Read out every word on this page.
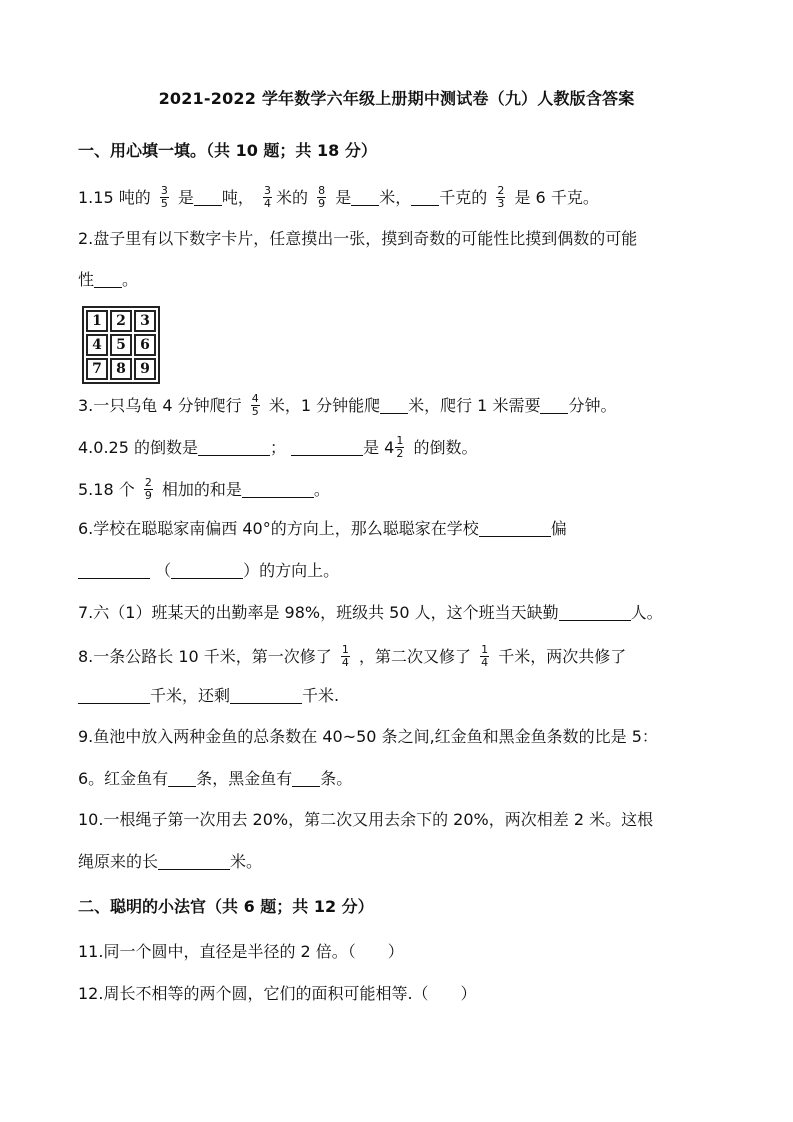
2021-2022 学年数学六年级上册期中测试卷（九）人教版含答案
一、用心填一填。（共 10 题；共 18 分）
1.15 吨的 $\frac{3}{5}$ 是 吨， $\frac{3}{4}$ 米的 $\frac{8}{9}$ 是 米， 千克的 $\frac{2}{3}$ 是 6 千克。
2.盘子里有以下数字卡片，任意摸出一张，摸到奇数的可能性比摸到偶数的可能
性 。
1	2	3
4	5	6
7	8	9
3.一只乌龟 4 分钟爬行 $\frac{4}{5}$ 米，1 分钟能爬 米，爬行 1 米需要 分钟。
4.0.25 的倒数是	；	是 $4 \frac{1}{2}$ 的倒数。
5.18 个 $\frac{2}{9}$ 相加的和是	。
6.学校在聪聪家南偏西 40°的方向上，那么聪聪家在学校	偏
（	）的方向上。
7.六（1）班某天的出勤率是 98%，班级共 50 人，这个班当天缺勤	人。
8.一条公路长 10 千米，第一次修了 $\frac{1}{4}$ ，第二次又修了 $\frac{1}{4}$ 千米，两次共修了
千米，还剩	千米.
9.鱼池中放入两种金鱼的总条数在 40~50 条之间,红金鱼和黑金鱼条数的比是 5：
6。红金鱼有 条，黑金鱼有 条。
10.一根绳子第一次用去 20%，第二次又用去余下的 20%，两次相差 2 米。这根
绳原来的长	米。
二、聪明的小法官（共 6 题；共 12 分）
11.同一个圆中，直径是半径的 2 倍。（　　）
12.周长不相等的两个圆，它们的面积可能相等.（　　）
